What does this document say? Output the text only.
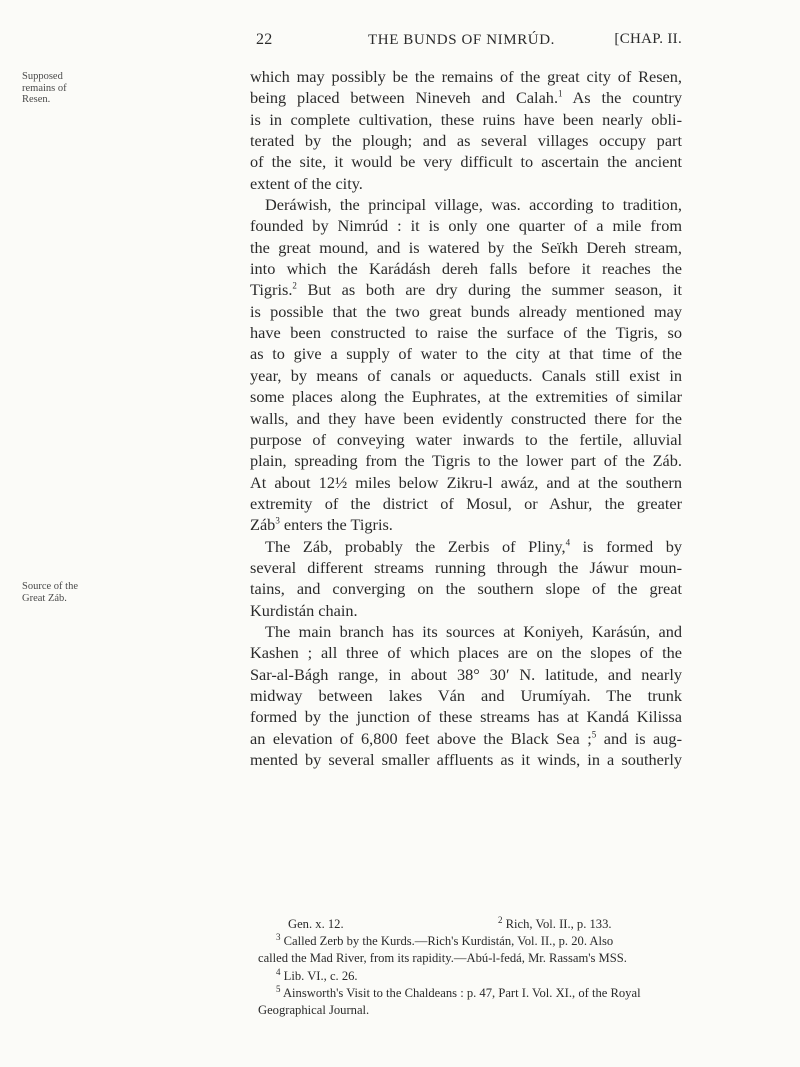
22	THE BUNDS OF NIMRÚD.	[CHAP. II.
Supposed
remains of
Resen.
Source of the
Great Záb.
which may possibly be the remains of the great city of Resen,
being placed between Nineveh and Calah.$^1$ As the country
is in complete cultivation, these ruins have been nearly obli-
terated by the plough; and as several villages occupy part
of the site, it would be very difficult to ascertain the ancient
extent of the city.
Deráwish, the principal village, was. according to tradition,
founded by Nimrúd : it is only one quarter of a mile from
the great mound, and is watered by the Seïkh Dereh stream,
into which the Karádásh dereh falls before it reaches the
Tigris.$^2$ But as both are dry during the summer season, it
is possible that the two great bunds already mentioned may
have been constructed to raise the surface of the Tigris, so
as to give a supply of water to the city at that time of the
year, by means of canals or aqueducts. Canals still exist in
some places along the Euphrates, at the extremities of similar
walls, and they have been evidently constructed there for the
purpose of conveying water inwards to the fertile, alluvial
plain, spreading from the Tigris to the lower part of the Záb.
At about 12½ miles below Zikru-l awáz, and at the southern
extremity of the district of Mosul, or Ashur, the greater
Záb$^3$ enters the Tigris.
The Záb, probably the Zerbis of Pliny,$^4$ is formed by
several different streams running through the Jáwur moun-
tains, and converging on the southern slope of the great
Kurdistán chain.
The main branch has its sources at Koniyeh, Karásún, and
Kashen ; all three of which places are on the slopes of the
Sar-al-Bágh range, in about 38° 30′ N. latitude, and nearly
midway between lakes Ván and Urumíyah. The trunk
formed by the junction of these streams has at Kandá Kilissa
an elevation of 6,800 feet above the Black Sea ;$^5$ and is aug-
mented by several smaller affluents as it winds, in a southerly
Gen. x. 12.	$^2$ Rich, Vol. II., p. 133.
$^3$ Called Zerb by the Kurds.—Rich's Kurdistán, Vol. II., p. 20. Also
called the Mad River, from its rapidity.—Abú-l-fedá, Mr. Rassam's MSS.
$^4$ Lib. VI., c. 26.
$^5$ Ainsworth's Visit to the Chaldeans : p. 47, Part I. Vol. XI., of the Royal
Geographical Journal.
